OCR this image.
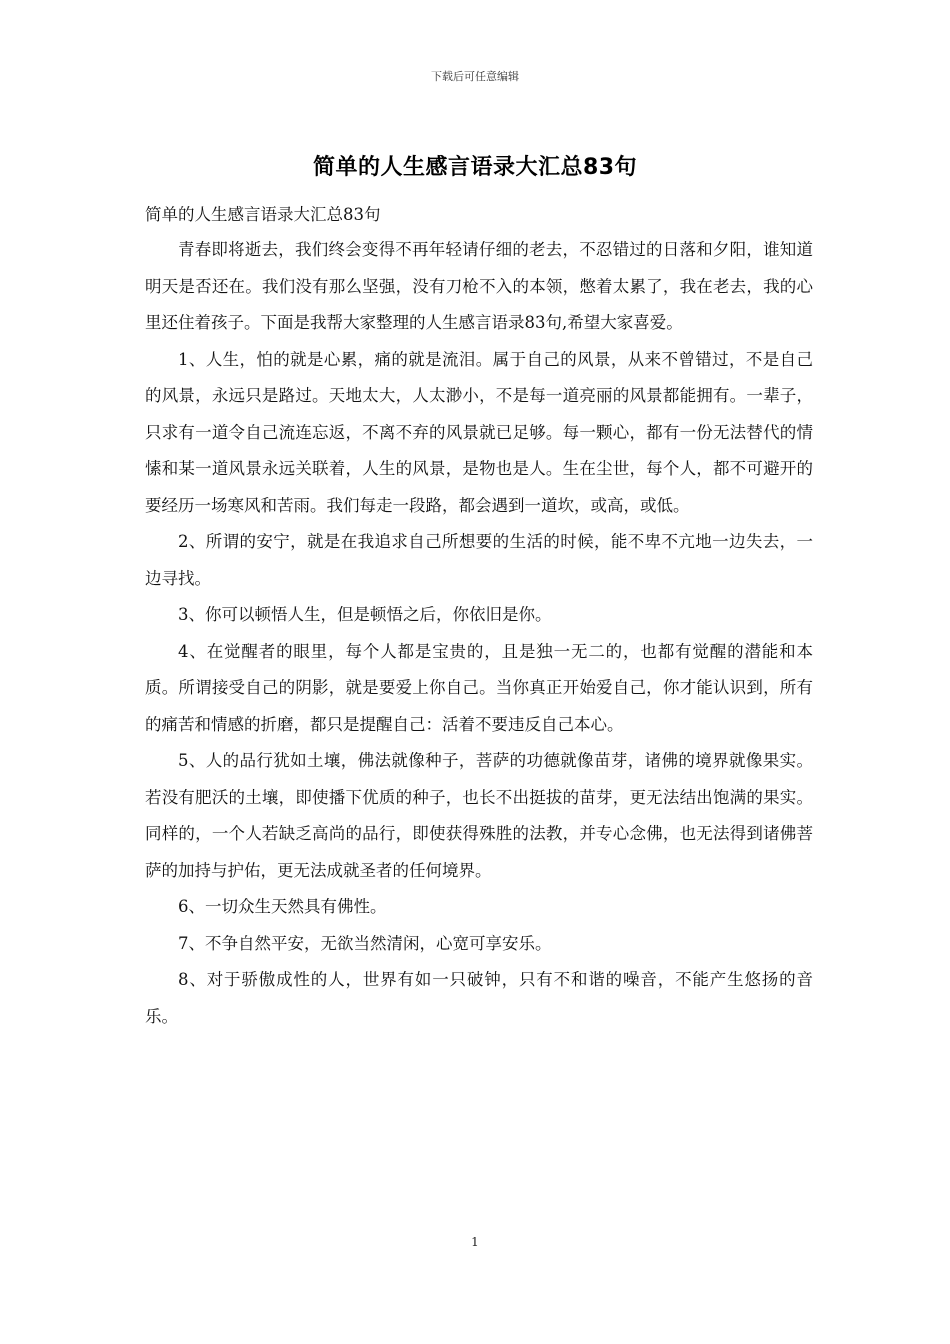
下载后可任意编辑
简单的人生感言语录大汇总83句
简单的人生感言语录大汇总83句

青春即将逝去，我们终会变得不再年轻请仔细的老去，不忍错过的日落和夕阳，谁知道明天是否还在。我们没有那么坚强，没有刀枪不入的本领，憋着太累了，我在老去，我的心里还住着孩子。下面是我帮大家整理的人生感言语录83句,希望大家喜爱。

1、人生，怕的就是心累，痛的就是流泪。属于自己的风景，从来不曾错过，不是自己的风景，永远只是路过。天地太大，人太渺小，不是每一道亮丽的风景都能拥有。一辈子，只求有一道令自己流连忘返，不离不弃的风景就已足够。每一颗心，都有一份无法替代的情愫和某一道风景永远关联着，人生的风景，是物也是人。生在尘世，每个人，都不可避开的要经历一场寒风和苦雨。我们每走一段路，都会遇到一道坎，或高，或低。

2、所谓的安宁，就是在我追求自己所想要的生活的时候，能不卑不亢地一边失去，一边寻找。

3、你可以顿悟人生，但是顿悟之后，你依旧是你。

4、在觉醒者的眼里，每个人都是宝贵的，且是独一无二的，也都有觉醒的潜能和本质。所谓接受自己的阴影，就是要爱上你自己。当你真正开始爱自己，你才能认识到，所有的痛苦和情感的折磨，都只是提醒自己：活着不要违反自己本心。

5、人的品行犹如土壤，佛法就像种子，菩萨的功德就像苗芽，诸佛的境界就像果实。若没有肥沃的土壤，即使播下优质的种子，也长不出挺拔的苗芽，更无法结出饱满的果实。同样的，一个人若缺乏高尚的品行，即使获得殊胜的法教，并专心念佛，也无法得到诸佛菩萨的加持与护佑，更无法成就圣者的任何境界。

6、一切众生天然具有佛性。

7、不争自然平安，无欲当然清闲，心宽可享安乐。

8、对于骄傲成性的人，世界有如一只破钟，只有不和谐的噪音，不能产生悠扬的音乐。

1
